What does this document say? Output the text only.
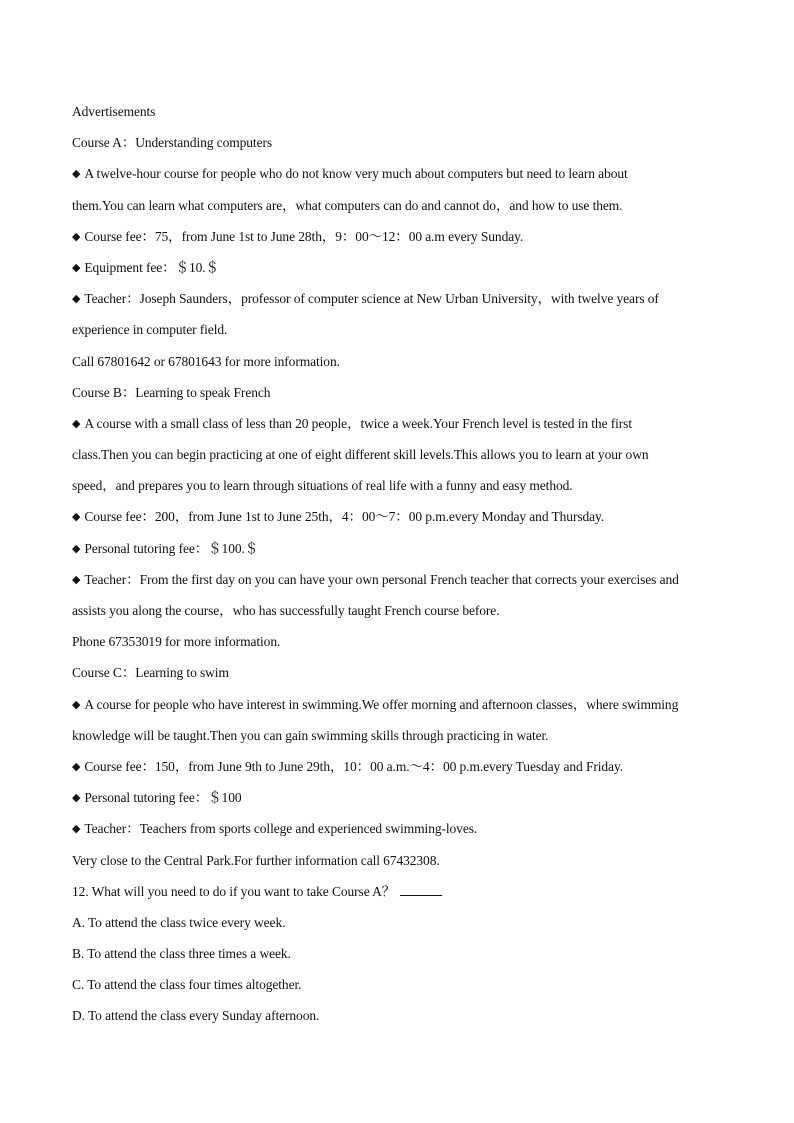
Advertisements
Course A：Understanding computers
◆ A twelve-hour course for people who do not know very much about computers but need to learn about
them.You can learn what computers are，what computers can do and cannot do，and how to use them.
◆ Course fee：75，from June 1st to June 28th，9：00～12：00 a.m every Sunday.
◆ Equipment fee：＄10.＄
◆ Teacher：Joseph Saunders，professor of computer science at New Urban University，with twelve years of
experience in computer field.
Call 67801642 or 67801643 for more information.
Course B：Learning to speak French
◆ A course with a small class of less than 20 people，twice a week.Your French level is tested in the first
class.Then you can begin practicing at one of eight different skill levels.This allows you to learn at your own
speed，and prepares you to learn through situations of real life with a funny and easy method.
◆ Course fee：200，from June 1st to June 25th，4：00～7：00 p.m.every Monday and Thursday.
◆ Personal tutoring fee：＄100.＄
◆ Teacher：From the first day on you can have your own personal French teacher that corrects your exercises and
assists you along the course，who has successfully taught French course before.
Phone 67353019 for more information.
Course C：Learning to swim
◆ A course for people who have interest in swimming.We offer morning and afternoon classes，where swimming
knowledge will be taught.Then you can gain swimming skills through practicing in water.
◆ Course fee：150，from June 9th to June 29th，10：00 a.m.～4：00 p.m.every Tuesday and Friday.
◆ Personal tutoring fee：＄100
◆ Teacher：Teachers from sports college and experienced swimming-loves.
Very close to the Central Park.For further information call 67432308.
12. What will you need to do if you want to take Course A？
A. To attend the class twice every week.
B. To attend the class three times a week.
C. To attend the class four times altogether.
D. To attend the class every Sunday afternoon.
